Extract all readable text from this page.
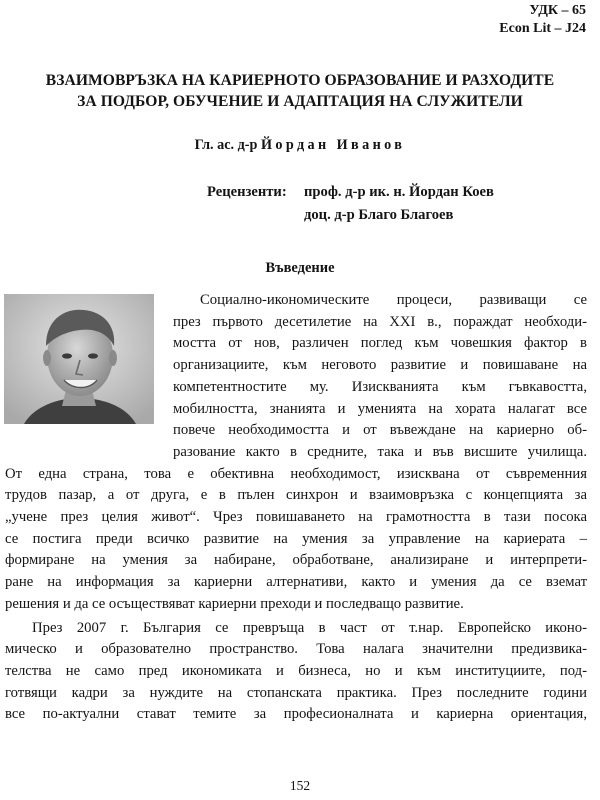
УДК – 65
Econ Lit – J24
ВЗАИМОВРЪЗКА НА КАРИЕРНОТО ОБРАЗОВАНИЕ И РАЗХОДИТЕ
ЗА ПОДБОР, ОБУЧЕНИЕ И АДАПТАЦИЯ НА СЛУЖИТЕЛИ
Гл. ас. д-р Йордан Иванов
Рецензенти:	проф. д-р ик. н. Йордан Коев
доц. д-р Благо Благоев
Въведение
Социално-икономическите процеси, развиващи се
през първото десетилетие на XXI в., пораждат необходи-
мостта от нов, различен поглед към човешкия фактор в
организациите, към неговото развитие и повишаване на
компетентностите му. Изискванията към гъвкавостта,
мобилността, знанията и уменията на хората налагат все
повече необходимостта и от въвеждане на кариерно об-
разование както в средните, така и във висшите училища.
От една страна, това е обективна необходимост, изисквана от съвременния
трудов пазар, а от друга, е в пълен синхрон и взаимовръзка с концепцията за
„учене през целия живот“. Чрез повишаването на грамотността в тази посока
се постига преди всичко развитие на умения за управление на кариерата –
формиране на умения за набиране, обработване, анализиране и интерпрети-
ране на информация за кариерни алтернативи, както и умения да се вземат
решения и да се осъществяват кариерни преходи и последващо развитие.
През 2007 г. България се превръща в част от т.нар. Европейско иконо-
мическо и образователно пространство. Това налага значителни предизвика-
телства не само пред икономиката и бизнеса, но и към институциите, под-
готвящи кадри за нуждите на стопанската практика. През последните години
все по-актуални стават темите за професионалната и кариерна ориентация,
152
